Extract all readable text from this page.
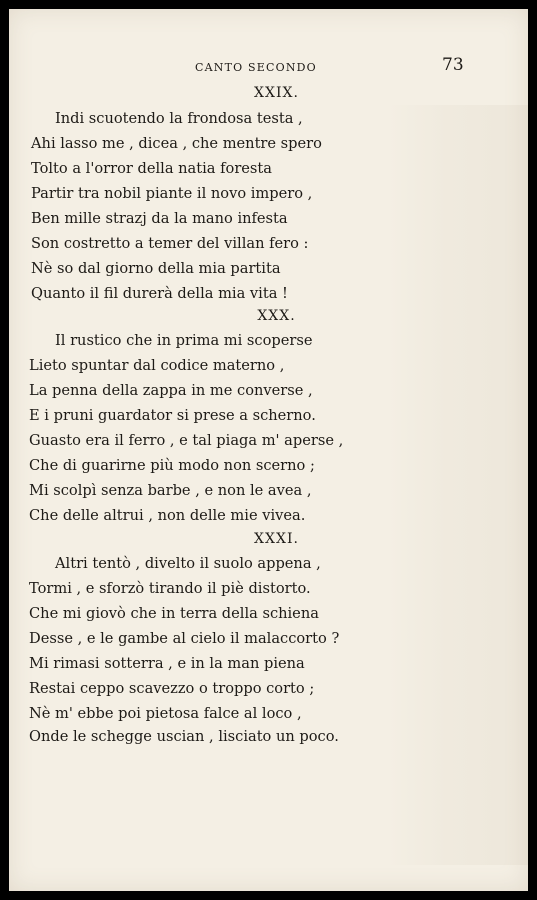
CANTO SECONDO	73
XXIX.
Indi scuotendo la frondosa testa ,
Ahi lasso me , dicea , che mentre spero
Tolto a l'orror della natia foresta
Partir tra nobil piante il novo impero ,
Ben mille strazj da la mano infesta
Son costretto a temer del villan fero :
Nè so dal giorno della mia partita
Quanto il fil durerà della mia vita !
XXX.
Il rustico che in prima mi scoperse
Lieto spuntar dal codice materno ,
La penna della zappa in me converse ,
E i pruni guardator si prese a scherno.
Guasto era il ferro , e tal piaga m' aperse ,
Che di guarirne più modo non scerno ;
Mi scolpì senza barbe , e non le avea ,
Che delle altrui , non delle mie vivea.
XXXI.
Altri tentò , divelto il suolo appena ,
Tormi , e sforzò tirando il piè distorto.
Che mi giovò che in terra della schiena
Desse , e le gambe al cielo il malaccorto ?
Mi rimasi sotterra , e in la man piena
Restai ceppo scavezzo o troppo corto ;
Nè m' ebbe poi pietosa falce al loco ,
Onde le schegge uscian , lisciato un poco.
